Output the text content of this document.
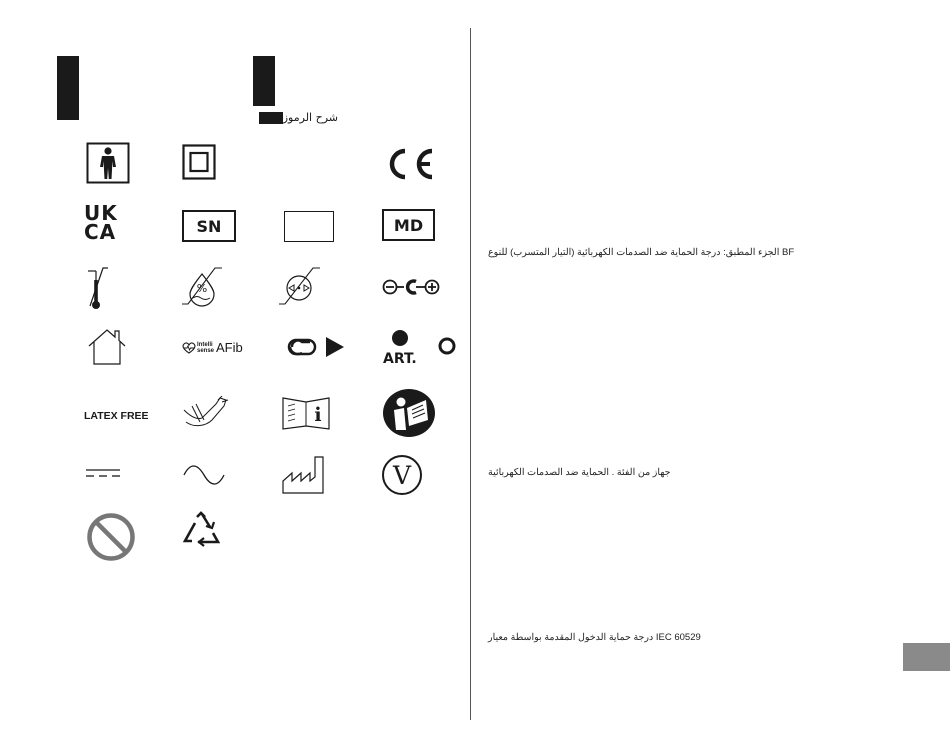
شرح الرموز
UK
CA	SN	MD
%
Intelli
sense AFib
ART.
LATEX FREE	i
V
الجزء المطبق: درجة الحماية ضد الصدمات الكهربائية (التيار المتسرب) للنوع BF
جهاز من الفئة . الحماية ضد الصدمات الكهربائية
درجة حماية الدخول المقدمة بواسطة معيار IEC 60529
